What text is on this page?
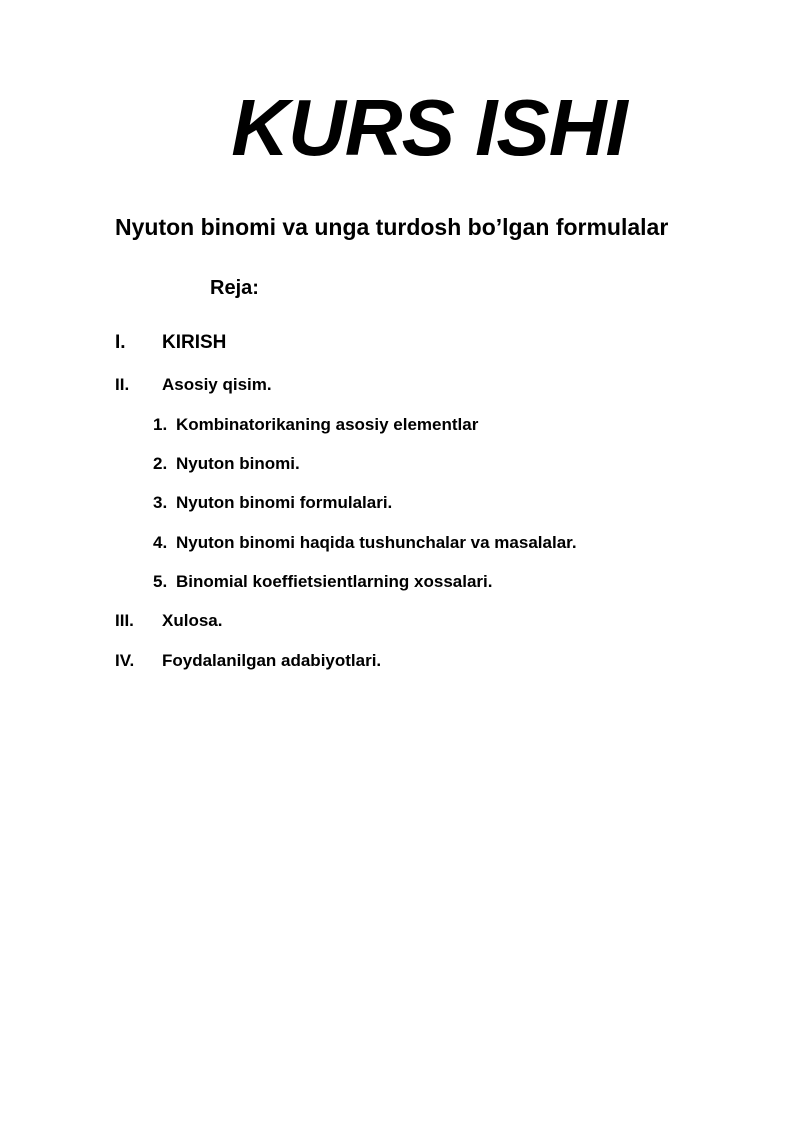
KURS ISHI
Nyuton binomi va unga turdosh bo’lgan formulalar
Reja:
I. KIRISH
II. Asosiy qisim.
1. Kombinatorikaning asosiy elementlar
2. Nyuton binomi.
3. Nyuton binomi formulalari.
4. Nyuton binomi haqida tushunchalar va masalalar.
5. Binomial koeffietsientlarning xossalari.
III. Xulosa.
IV. Foydalanilgan adabiyotlari.
